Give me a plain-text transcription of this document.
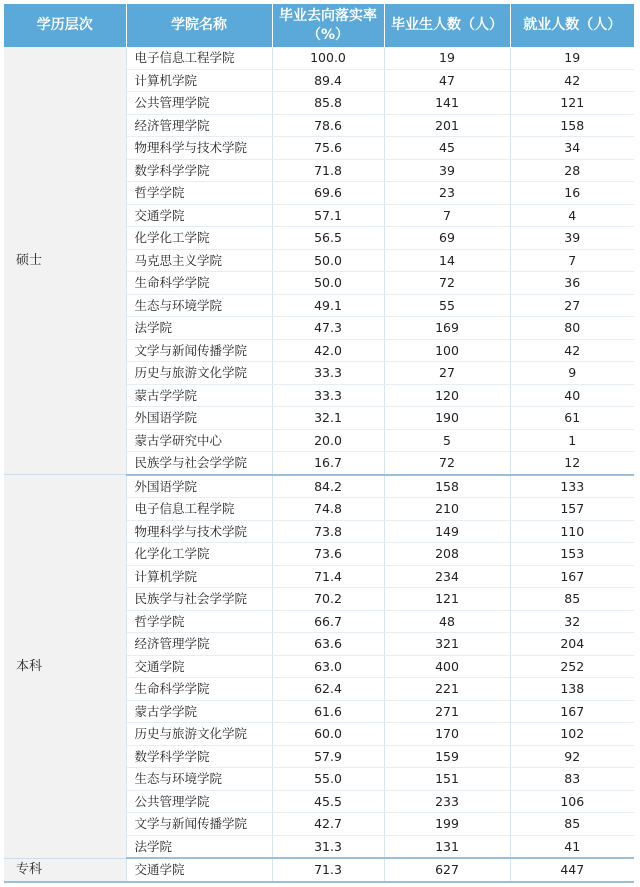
学历层次	学院名称	毕业去向落实率（%）	毕业生人数（人）	就业人数（人）
硕士	电子信息工程学院	100.0	19	19
	计算机学院	89.4	47	42
	公共管理学院	85.8	141	121
	经济管理学院	78.6	201	158
	物理科学与技术学院	75.6	45	34
	数学科学学院	71.8	39	28
	哲学学院	69.6	23	16
	交通学院	57.1	7	4
	化学化工学院	56.5	69	39
	马克思主义学院	50.0	14	7
	生命科学学院	50.0	72	36
	生态与环境学院	49.1	55	27
	法学院	47.3	169	80
	文学与新闻传播学院	42.0	100	42
	历史与旅游文化学院	33.3	27	9
	蒙古学学院	33.3	120	40
	外国语学院	32.1	190	61
	蒙古学研究中心	20.0	5	1
	民族学与社会学学院	16.7	72	12
本科	外国语学院	84.2	158	133
	电子信息工程学院	74.8	210	157
	物理科学与技术学院	73.8	149	110
	化学化工学院	73.6	208	153
	计算机学院	71.4	234	167
	民族学与社会学学院	70.2	121	85
	哲学学院	66.7	48	32
	经济管理学院	63.6	321	204
	交通学院	63.0	400	252
	生命科学学院	62.4	221	138
	蒙古学学院	61.6	271	167
	历史与旅游文化学院	60.0	170	102
	数学科学学院	57.9	159	92
	生态与环境学院	55.0	151	83
	公共管理学院	45.5	233	106
	文学与新闻传播学院	42.7	199	85
	法学院	31.3	131	41
专科	交通学院	71.3	627	447
